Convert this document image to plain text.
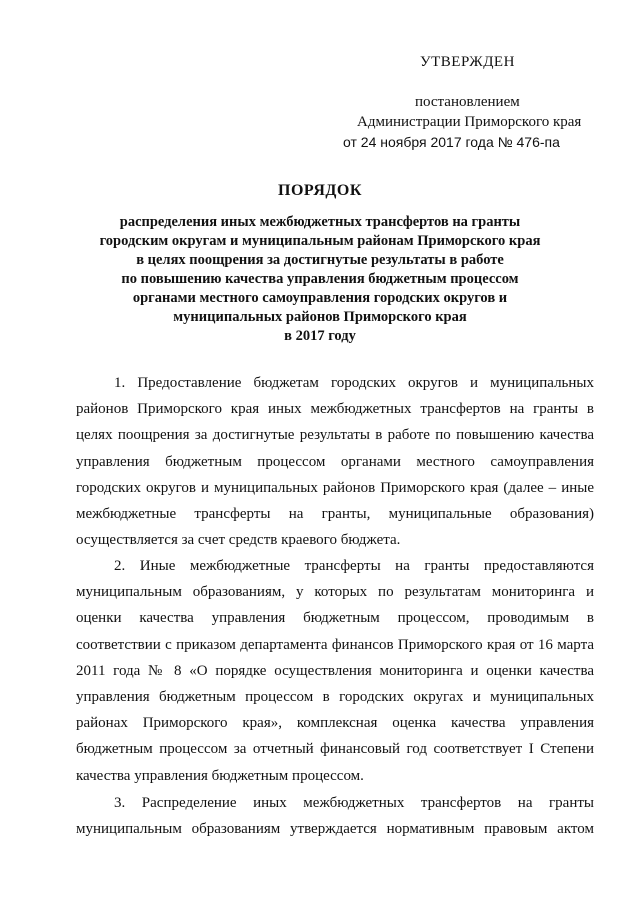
УТВЕРЖДЕН
постановлением
Администрации Приморского края
от 24 ноября 2017 года № 476-па
ПОРЯДОК
распределения иных межбюджетных трансфертов на гранты
городским округам и муниципальным районам Приморского края
в целях поощрения за достигнутые результаты в работе
по повышению качества управления бюджетным процессом
органами местного самоуправления городских округов и
муниципальных районов Приморского края
в 2017 году
1. Предоставление бюджетам городских округов и муниципальных
районов Приморского края иных межбюджетных трансфертов на гранты в
целях поощрения за достигнутые результаты в работе по повышению качества
управления бюджетным процессом органами местного самоуправления
городских округов и муниципальных районов Приморского края (далее – иные
межбюджетные трансферты на гранты, муниципальные образования)
осуществляется за счет средств краевого бюджета.
2. Иные межбюджетные трансферты на гранты предоставляются
муниципальным образованиям, у которых по результатам мониторинга и
оценки качества управления бюджетным процессом, проводимым в
соответствии с приказом департамента финансов Приморского края от 16 марта
2011 года № 8 «О порядке осуществления мониторинга и оценки качества
управления бюджетным процессом в городских округах и муниципальных
районах Приморского края», комплексная оценка качества управления
бюджетным процессом за отчетный финансовый год соответствует I Степени
качества управления бюджетным процессом.
3. Распределение иных межбюджетных трансфертов на гранты
муниципальным образованиям утверждается нормативным правовым актом
